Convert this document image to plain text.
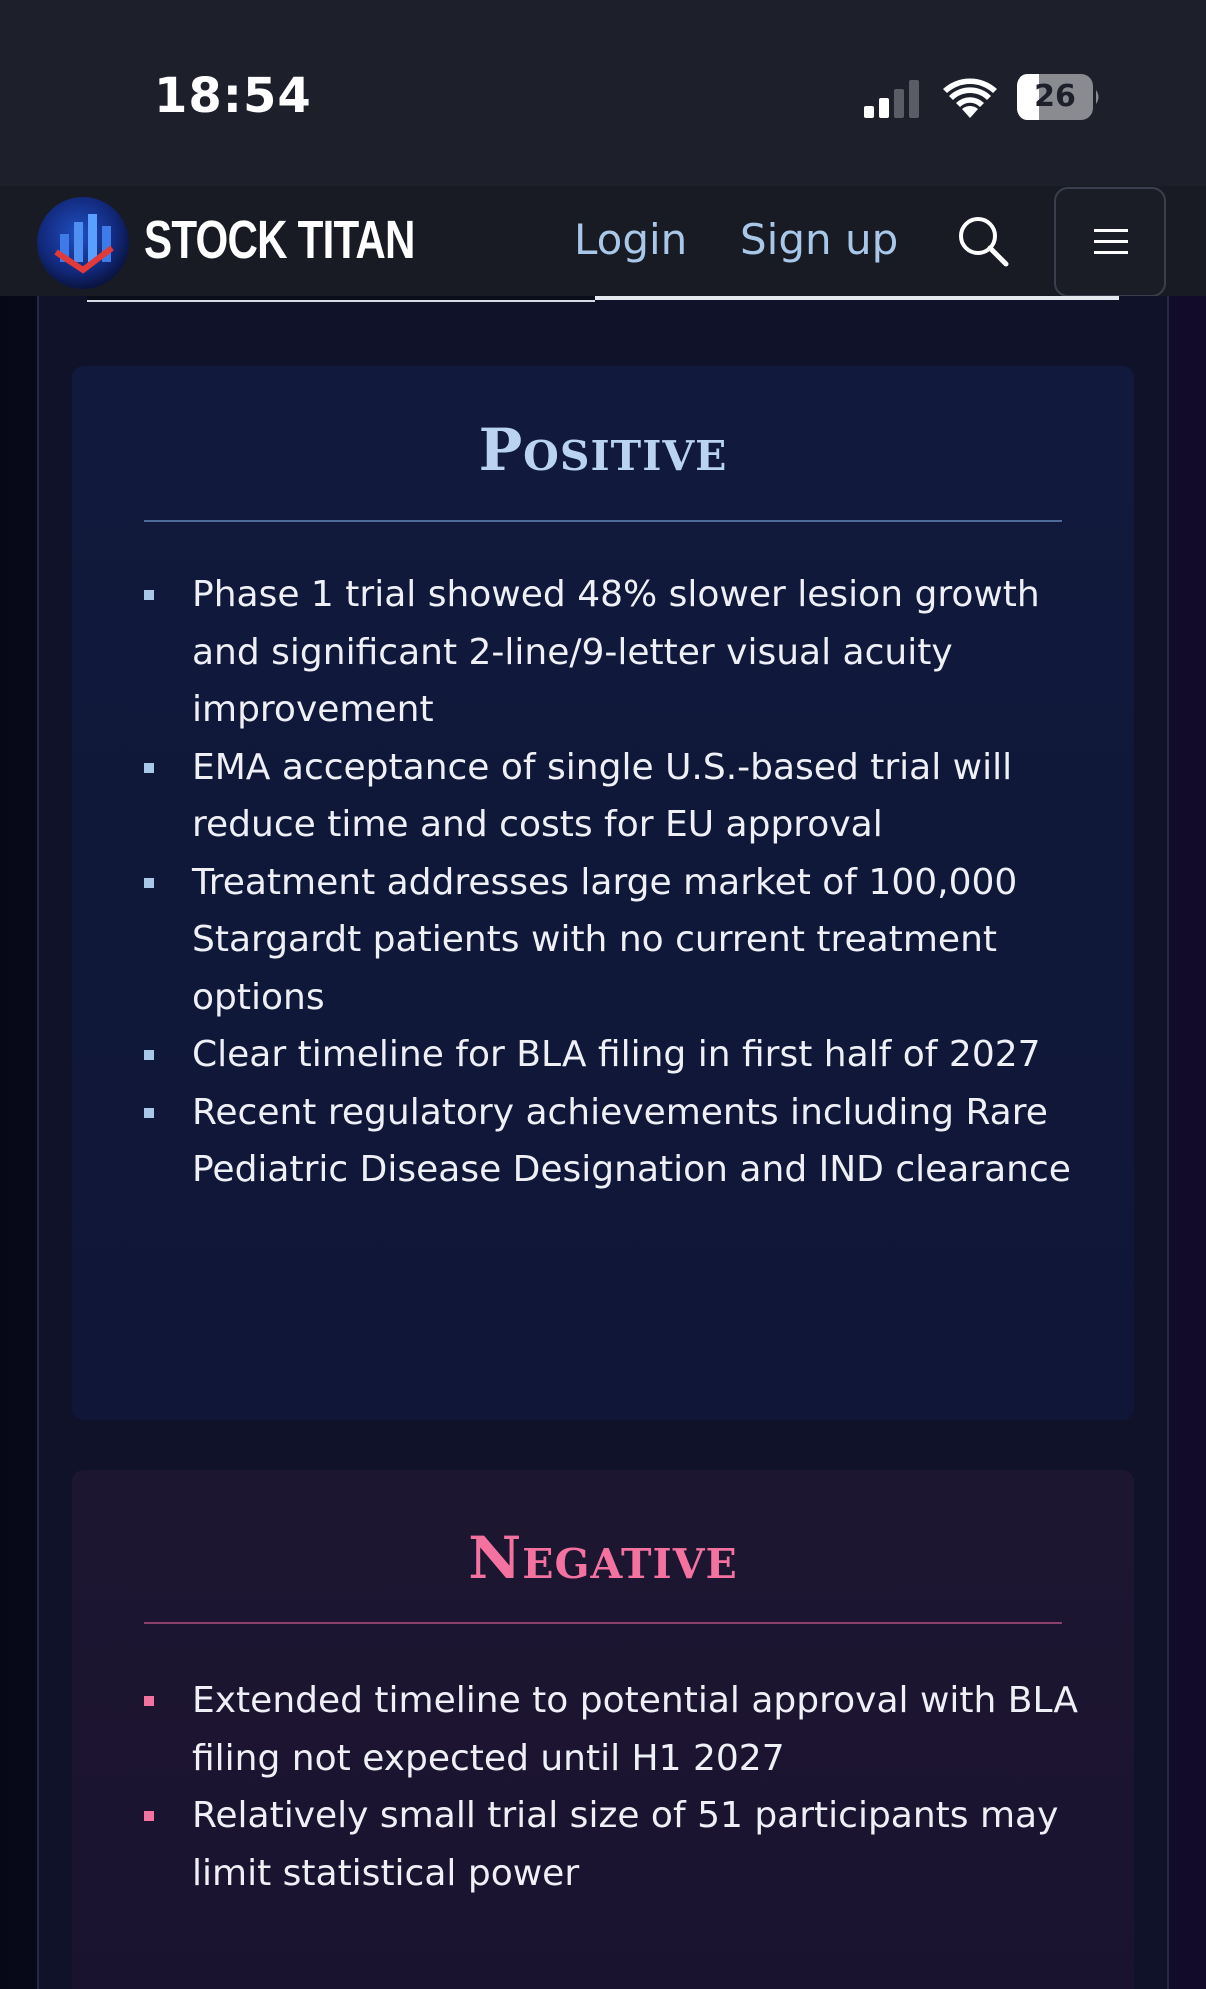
18:54	26
STOCK TITAN	Login Sign up
Positive
Phase 1 trial showed 48% slower lesion growth and significant 2-line/9-letter visual acuity improvement
EMA acceptance of single U.S.-based trial will reduce time and costs for EU approval
Treatment addresses large market of 100,000 Stargardt patients with no current treatment options
Clear timeline for BLA filing in first half of 2027
Recent regulatory achievements including Rare Pediatric Disease Designation and IND clearance
Negative
Extended timeline to potential approval with BLA filing not expected until H1 2027
Relatively small trial size of 51 participants may limit statistical power
